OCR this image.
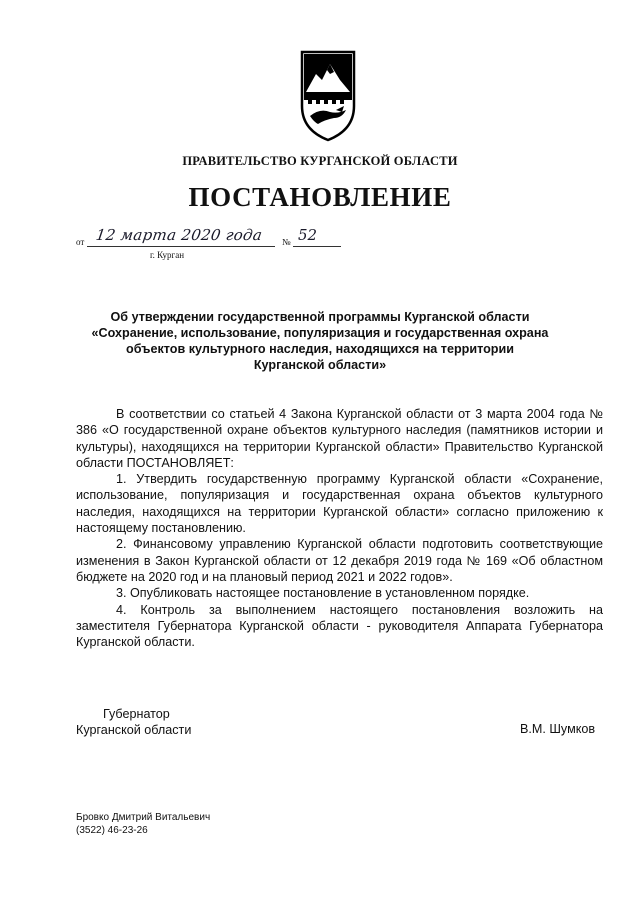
ПРАВИТЕЛЬСТВО КУРГАНСКОЙ ОБЛАСТИ
ПОСТАНОВЛЕНИЕ
от 12 марта 2020 года № 52
г. Курган
Об утверждении государственной программы Курганской области
«Сохранение, использование, популяризация и государственная охрана
объектов культурного наследия, находящихся на территории
Курганской области»

В соответствии со статьей 4 Закона Курганской области от 3 марта 2004 года № 386 «О государственной охране объектов культурного наследия (памятников истории и культуры), находящихся на территории Курганской области» Правительство Курганской области ПОСТАНОВЛЯЕТ:

1. Утвердить государственную программу Курганской области «Сохранение, использование, популяризация и государственная охрана объектов культурного наследия, находящихся на территории Курганской области» согласно приложению к настоящему постановлению.

2. Финансовому управлению Курганской области подготовить соответствующие изменения в Закон Курганской области от 12 декабря 2019 года № 169 «Об областном бюджете на 2020 год и на плановый период 2021 и 2022 годов».

3. Опубликовать настоящее постановление в установленном порядке.

4. Контроль за выполнением настоящего постановления возложить на заместителя Губернатора Курганской области - руководителя Аппарата Губернатора Курганской области.

Губернатор
Курганской области	В.М. Шумков
Бровко Дмитрий Витальевич
(3522) 46-23-26
